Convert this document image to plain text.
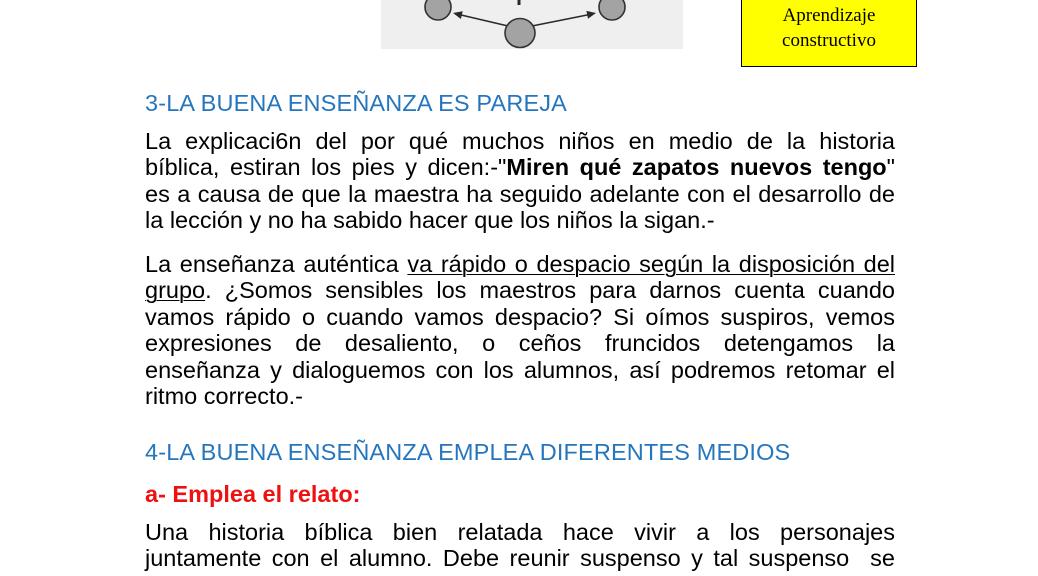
Aprendizaje
constructivo
3-LA BUENA ENSEÑANZA ES PAREJA
La explicaci6n del por qué muchos niños en medio de la historia
bíblica, estiran los pies y dicen:-"Miren qué zapatos nuevos tengo"
es a causa de que la maestra ha seguido adelante con el desarrollo de
la lección y no ha sabido hacer que los niños la sigan.-
La enseñanza auténtica va rápido o despacio según la disposición del
grupo. ¿Somos sensibles los maestros para darnos cuenta cuando
vamos rápido o cuando vamos despacio? Si oímos suspiros, vemos
expresiones de desaliento, o ceños fruncidos detengamos la
enseñanza y dialoguemos con los alumnos, así podremos retomar el
ritmo correcto.-
4-LA BUENA ENSEÑANZA EMPLEA DIFERENTES MEDIOS
a- Emplea el relato:
Una historia bíblica bien relatada hace vivir a los personajes
juntamente con el alumno. Debe reunir suspenso y tal suspenso  se
